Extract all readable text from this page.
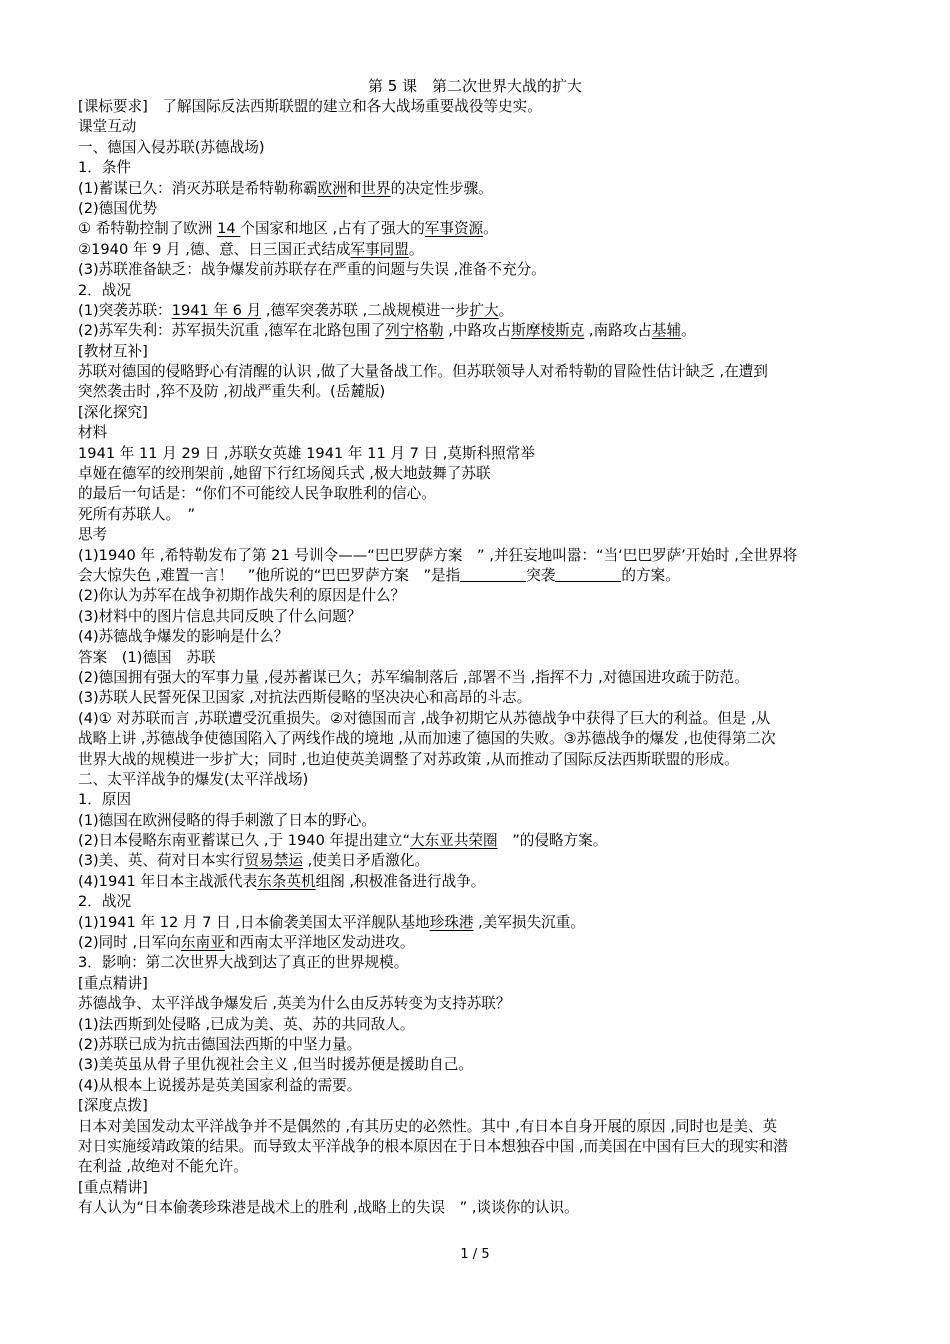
第 5 课　第二次世界大战的扩大
[课标要求]　了解国际反法西斯联盟的建立和各大战场重要战役等史实。
课堂互动
一、德国入侵苏联(苏德战场)
1．条件
(1)蓄谋已久：消灭苏联是希特勒称霸欧洲和世界的决定性步骤。
(2)德国优势
① 希特勒控制了欧洲 14 个国家和地区 ,占有了强大的军事资源。
②1940 年 9 月 ,德、意、日三国正式结成军事同盟。
(3)苏联准备缺乏：战争爆发前苏联存在严重的问题与失误 ,准备不充分。
2．战况
(1)突袭苏联：1941 年 6 月 ,德军突袭苏联 ,二战规模进一步扩大。
(2)苏军失利：苏军损失沉重 ,德军在北路包围了列宁格勒 ,中路攻占斯摩棱斯克 ,南路攻占基辅。
[教材互补]
苏联对德国的侵略野心有清醒的认识 ,做了大量备战工作。但苏联领导人对希特勒的冒险性估计缺乏 ,在遭到
突然袭击时 ,猝不及防 ,初战严重失利。(岳麓版)
[深化探究]
材料
1941 年 11 月 29 日 ,苏联女英雄 1941 年 11 月 7 日 ,莫斯科照常举
卓娅在德军的绞刑架前 ,她留下行红场阅兵式 ,极大地鼓舞了苏联
的最后一句话是：“你们不可能绞人民争取胜利的信心。
死所有苏联人。　”
思考
(1)1940 年 ,希特勒发布了第 21 号训令——“巴巴罗萨方案　” ,并狂妄地叫嚣：“当‘巴巴罗萨’开始时 ,全世界将
会大惊失色 ,难置一言！　”他所说的“巴巴罗萨方案　”是指	突袭	的方案。
(2)你认为苏军在战争初期作战失利的原因是什么？
(3)材料中的图片信息共同反映了什么问题？
(4)苏德战争爆发的影响是什么？
答案　(1)德国　苏联
(2)德国拥有强大的军事力量 ,侵苏蓄谋已久；苏军编制落后 ,部署不当 ,指挥不力 ,对德国进攻疏于防范。
(3)苏联人民誓死保卫国家 ,对抗法西斯侵略的坚决决心和高昂的斗志。
(4)① 对苏联而言 ,苏联遭受沉重损失。②对德国而言 ,战争初期它从苏德战争中获得了巨大的利益。但是 ,从
战略上讲 ,苏德战争使德国陷入了两线作战的境地 ,从而加速了德国的失败。③苏德战争的爆发 ,也使得第二次
世界大战的规模进一步扩大；同时 ,也迫使英美调整了对苏政策 ,从而推动了国际反法西斯联盟的形成。
二、太平洋战争的爆发(太平洋战场)
1．原因
(1)德国在欧洲侵略的得手刺激了日本的野心。
(2)日本侵略东南亚蓄谋已久 ,于 1940 年提出建立“大东亚共荣圈　”的侵略方案。
(3)美、英、荷对日本实行贸易禁运 ,使美日矛盾激化。
(4)1941 年日本主战派代表东条英机组阁 ,积极准备进行战争。
2．战况
(1)1941 年 12 月 7 日 ,日本偷袭美国太平洋舰队基地珍珠港 ,美军损失沉重。
(2)同时 ,日军向东南亚和西南太平洋地区发动进攻。
3．影响：第二次世界大战到达了真正的世界规模。
[重点精讲]
苏德战争、太平洋战争爆发后 ,英美为什么由反苏转变为支持苏联？
(1)法西斯到处侵略 ,已成为美、英、苏的共同敌人。
(2)苏联已成为抗击德国法西斯的中坚力量。
(3)美英虽从骨子里仇视社会主义 ,但当时援苏便是援助自己。
(4)从根本上说援苏是英美国家利益的需要。
[深度点拨]
日本对美国发动太平洋战争并不是偶然的 ,有其历史的必然性。其中 ,有日本自身开展的原因 ,同时也是美、英
对日实施绥靖政策的结果。而导致太平洋战争的根本原因在于日本想独吞中国 ,而美国在中国有巨大的现实和潜
在利益 ,故绝对不能允许。
[重点精讲]
有人认为“日本偷袭珍珠港是战术上的胜利 ,战略上的失误　” ,谈谈你的认识。
1 / 5
